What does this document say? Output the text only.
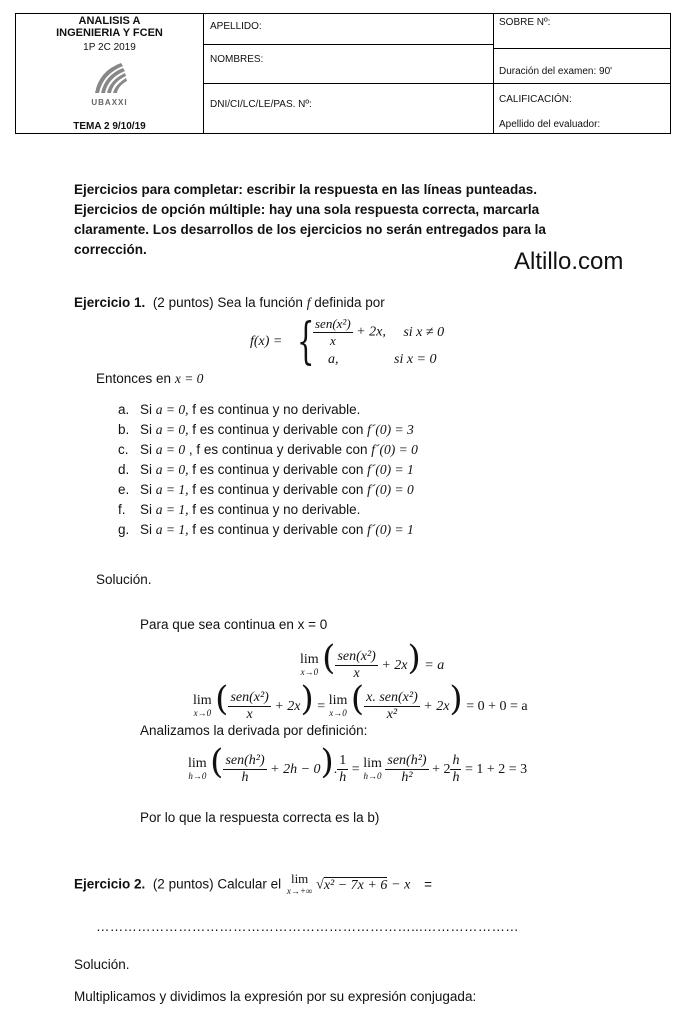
ANALISIS A
INGENIERIA Y FCEN
1P 2C 2019
UBAXXI
TEMA 2 9/10/19
APELLIDO:
NOMBRES:
DNI/CI/LC/LE/PAS. Nº:
SOBRE Nº:
Duración del examen: 90'
CALIFICACIÓN:
Apellido del evaluador:
Ejercicios para completar: escribir la respuesta en las líneas punteadas.
Ejercicios de opción múltiple: hay una sola respuesta correcta, marcarla
claramente. Los desarrollos de los ejercicios no serán entregados para la
corrección.	Altillo.com
Ejercicio 1. (2 puntos) Sea la función f definida por
f(x) = {
$\frac{\text{sen(x²)}}{x} + 2x$, si x ≠ 0
a,	si x = 0
Entonces en x = 0
a. Si a = 0, f es continua y no derivable.
b. Si a = 0, f es continua y derivable con f´(0) = 3
c. Si a = 0 , f es continua y derivable con f´(0) = 0
d. Si a = 0, f es continua y derivable con f´(0) = 1
e. Si a = 1, f es continua y derivable con f´(0) = 0
f. Si a = 1, f es continua y no derivable.
g. Si a = 1, f es continua y derivable con f´(0) = 1
Solución.
Para que sea continua en x = 0
lim
x→0 ( $\frac{\text{sen(x²)}}{x} + 2x) = a$
lim
x→0 ( $\frac{\text{sen(x²)}}{x} + 2x) = \lim$
x→0 ( $\frac{\text{x. sen(x²)}}{\text{x²}} + 2x) = 0 + 0 = a$
Analizamos la derivada por definición:
lim
h→0 ( $\frac{\text{sen(h²)}}{h} + 2h - 0$). $\frac{1}{h} = \lim$
h→0
$\frac{\text{sen(h²)}}{\text{h²}} + 2 \frac{h}{h} = 1 + 2 = 3$
Por lo que la respuesta correcta es la b)
Ejercicio 2. (2 puntos) Calcular el lim
x→+∞ √x² − 7x + 6 − x =
……………………………………………………………...…………………
Solución.
Multiplicamos y dividimos la expresión por su expresión conjugada:
